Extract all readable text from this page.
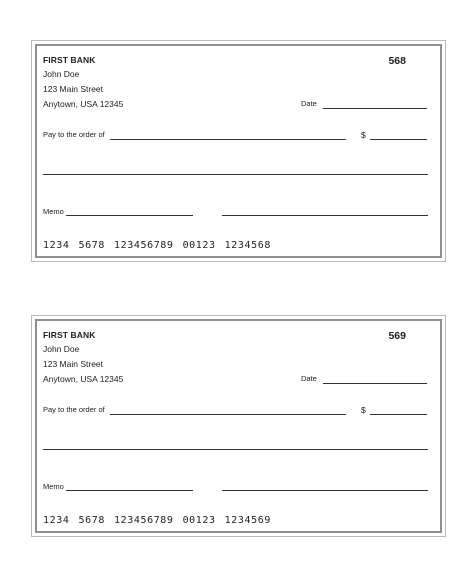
FIRST BANK
John Doe
123 Main Street
Anytown, USA 12345
568
Date
Pay to the order of	$
Memo
1234 5678 123456789 00123 1234568
FIRST BANK
John Doe
123 Main Street
Anytown, USA 12345
569
Date
Pay to the order of	$
Memo
1234 5678 123456789 00123 1234569
